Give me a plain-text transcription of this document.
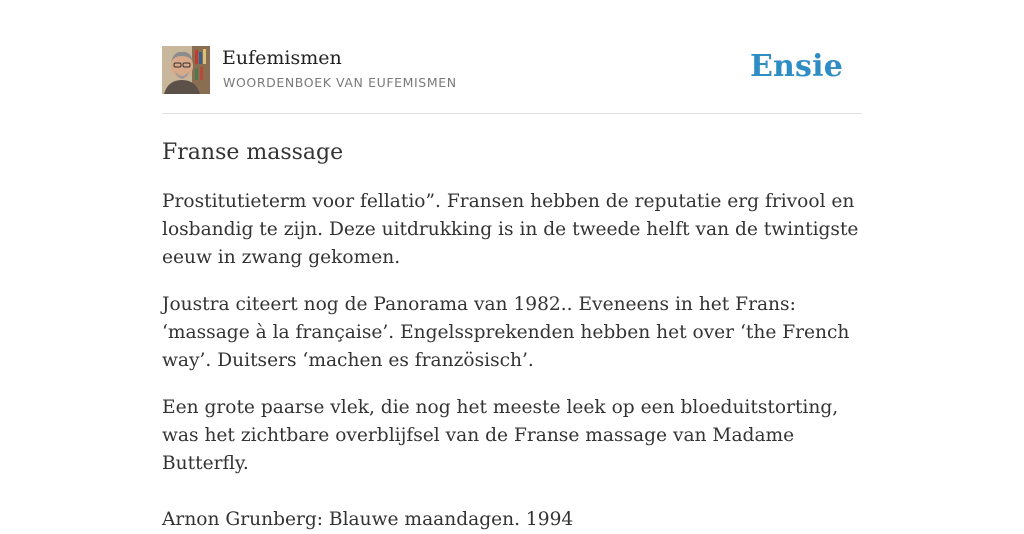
Eufemismen
WOORDENBOEK VAN EUFEMISMEN	Ensie
Franse massage

Prostitutieterm voor fellatio”. Fransen hebben de reputatie erg frivool en losbandig te zijn. Deze uitdrukking is in de tweede helft van de twintigste eeuw in zwang gekomen.

Joustra citeert nog de Panorama van 1982.. Eveneens in het Frans: ‘massage à la française’. Engelssprekenden hebben het over ‘the French way’. Duitsers ‘machen es französisch’.

Een grote paarse vlek, die nog het meeste leek op een bloeduitstorting, was het zichtbare overblijfsel van de Franse massage van Madame Butterfly.

Arnon Grunberg: Blauwe maandagen. 1994
